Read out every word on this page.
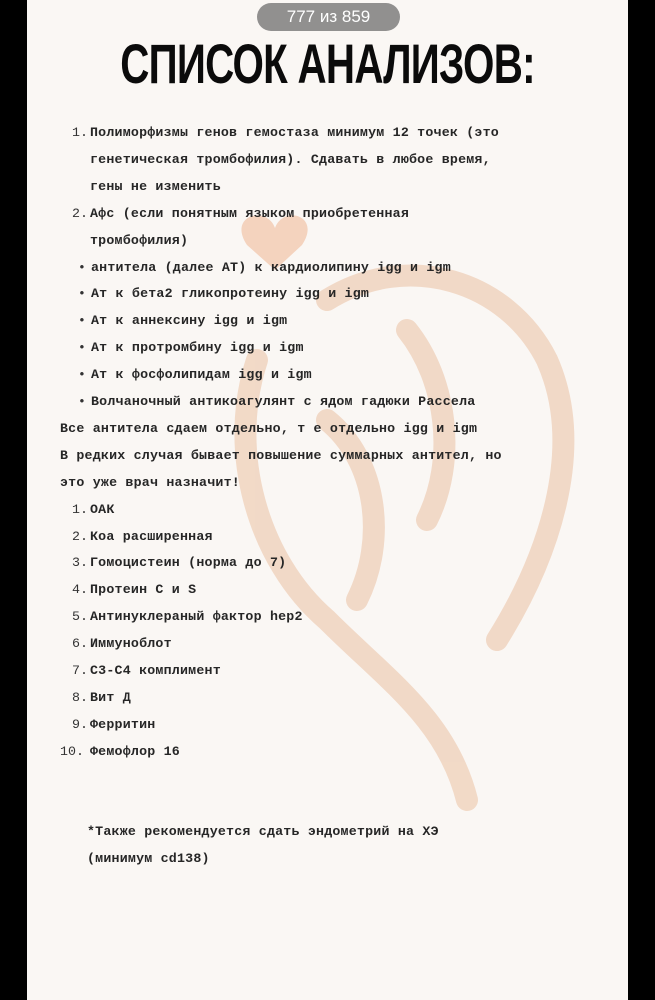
СПИСОК АНАЛИЗОВ:
1. Полиморфизмы генов гемостаза минимум 12 точек (это
генетическая тромбофилия). Сдавать в любое время,
гены не изменить
2. Афс (если понятным языком приобретенная
тромбофилия)
• антитела (далее АТ) к кардиолипину igg и igm
• Ат к бета2 гликопротеину igg и igm
• Ат к аннексину igg и igm
• Ат к протромбину igg и igm
• Ат к фосфолипидам igg и igm
• Волчаночный антикоагулянт с ядом гадюки Рассела
Все антитела сдаем отдельно, т е отдельно igg и igm
В редких случая бывает повышение суммарных антител, но
это уже врач назначит!
1. ОАК
2. Коа расширенная
3. Гомоцистеин (норма до 7)
4. Протеин С и S
5. Антинуклераный фактор hep2
6. Иммуноблот
7. С3-С4 комплимент
8. Вит Д
9. Ферритин
10. Фемофлор 16
*Также рекомендуется сдать эндометрий на ХЭ
(минимум cd138)
777 из 859
